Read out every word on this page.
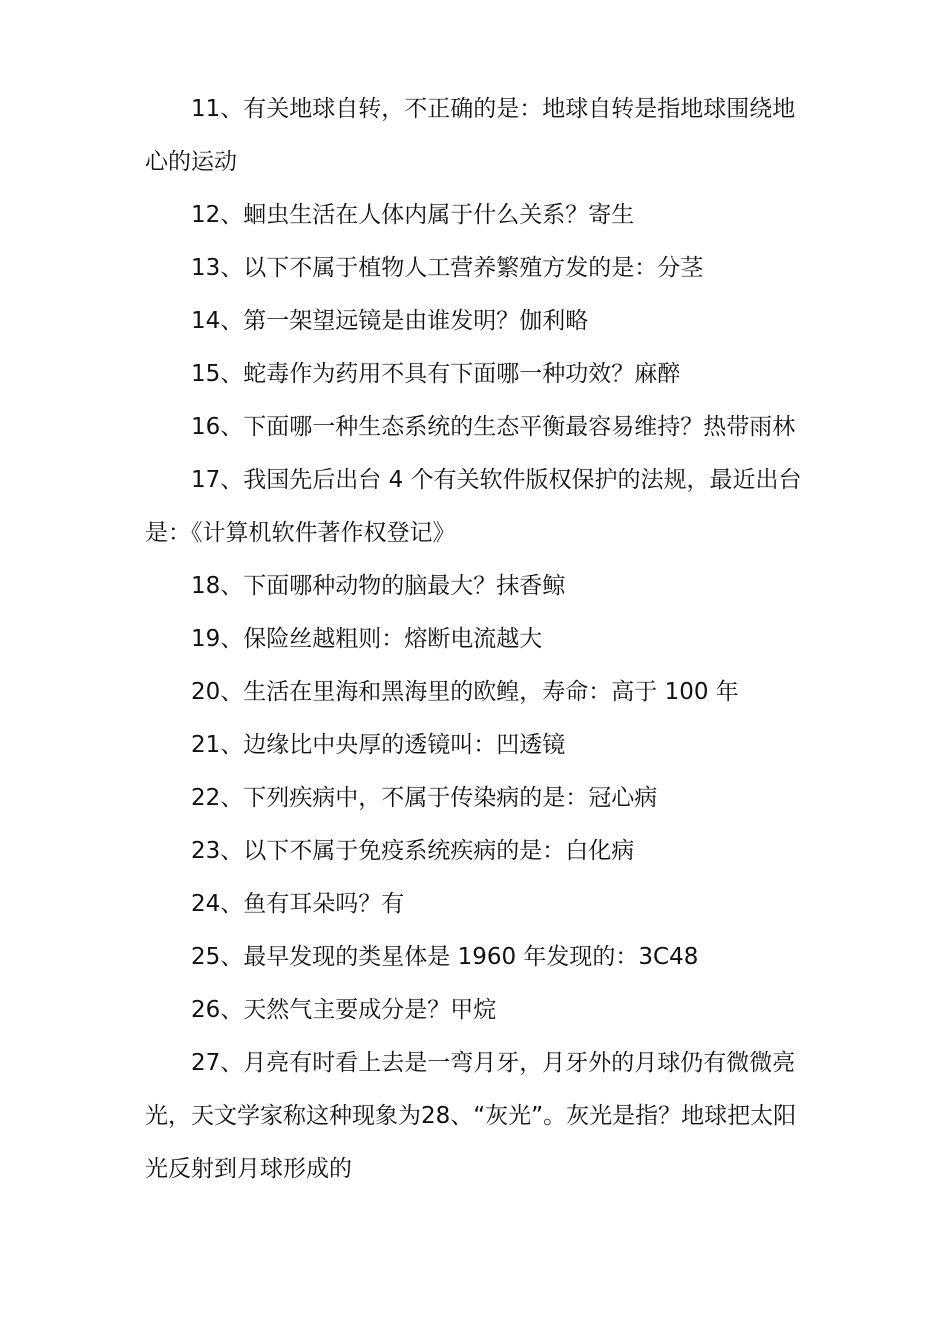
11、有关地球自转，不正确的是：地球自转是指地球围绕地心的运动

12、蛔虫生活在人体内属于什么关系？寄生

13、以下不属于植物人工营养繁殖方发的是：分茎

14、第一架望远镜是由谁发明？伽利略

15、蛇毒作为药用不具有下面哪一种功效？麻醉

16、下面哪一种生态系统的生态平衡最容易维持？热带雨林

17、我国先后出台 4 个有关软件版权保护的法规，最近出台是：《计算机软件著作权登记》

18、下面哪种动物的脑最大？抹香鲸

19、保险丝越粗则：熔断电流越大

20、生活在里海和黑海里的欧鳇，寿命：高于 100 年

21、边缘比中央厚的透镜叫：凹透镜

22、下列疾病中，不属于传染病的是：冠心病

23、以下不属于免疫系统疾病的是：白化病

24、鱼有耳朵吗？有

25、最早发现的类星体是 1960 年发现的：3C48

26、天然气主要成分是？甲烷

27、月亮有时看上去是一弯月牙，月牙外的月球仍有微微亮光，天文学家称这种现象为28、“灰光”。灰光是指？地球把太阳光反射到月球形成的
